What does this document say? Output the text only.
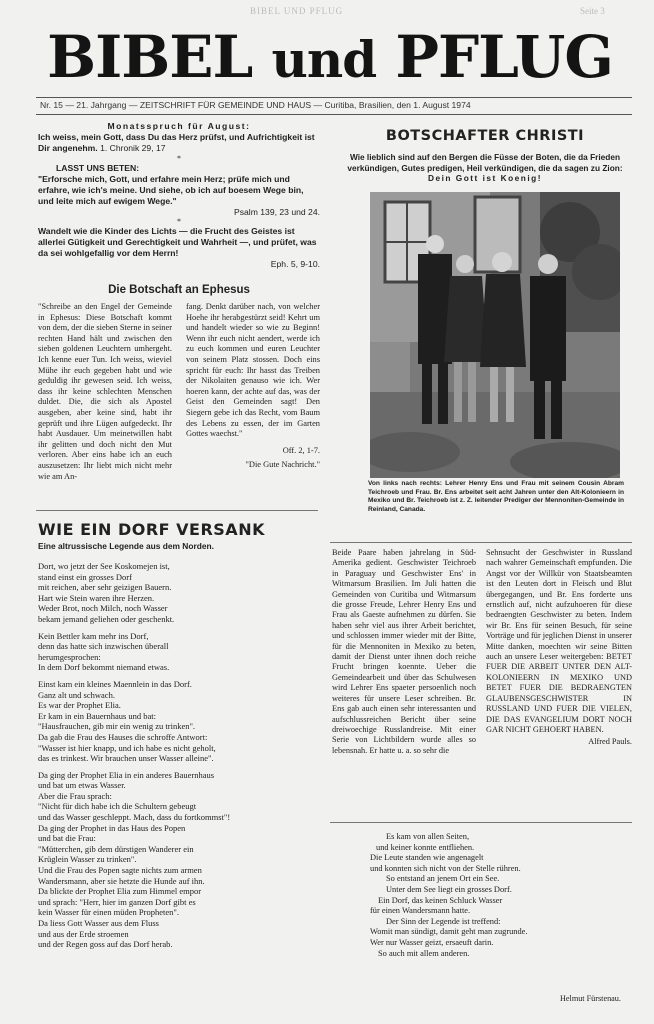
BIBEL UND PFLUG	Seite 3
BIBEL und PFLUG
Nr. 15 — 21. Jahrgang — ZEITSCHRIFT FÜR GEMEINDE UND HAUS — Curitiba, Brasilien, den 1. August 1974
Monatsspruch für August:
Ich weiss, mein Gott, dass Du das Herz prüfst, und Aufrichtigkeit ist Dir angenehm. 1. Chronik 29, 17
*
LASST UNS BETEN:
"Erforsche mich, Gott, und erfahre mein Herz; prüfe mich und erfahre, wie ich's meine. Und siehe, ob ich auf boesem Wege bin, und leite mich auf ewigem Wege."
Psalm 139, 23 und 24.
*
Wandelt wie die Kinder des Lichts — die Frucht des Geistes ist allerlei Gütigkeit und Gerechtigkeit und Wahrheit —, und prüfet, was da sei wohlgefallig vor dem Herrn!
Eph. 5, 9-10.
Die Botschaft an Ephesus
"Schreibe an den Engel der Gemeinde in Ephesus: Diese Botschaft kommt von dem, der die sieben Sterne in seiner rechten Hand hält und zwischen den sieben goldenen Leuchtern umhergeht. Ich kenne euer Tun. Ich weiss, wieviel Mühe ihr euch gegeben habt und wie geduldig ihr gewesen seid. Ich weiss, dass ihr keine schlechten Menschen duldet. Die, die sich als Apostel ausgeben, aber keine sind, habt ihr geprüft und ihre Lügen aufgedeckt. Ihr habt Ausdauer. Um meinetwillen habt ihr gelitten und doch nicht den Mut verloren. Aber eins habe ich an euch auszusetzen: Ihr liebt mich nicht mehr wie am An-
fang. Denkt darüber nach, von welcher Hoehe ihr herabgestürzt seid! Kehrt um und handelt wieder so wie zu Beginn! Wenn ihr euch nicht aendert, werde ich zu euch kommen und euren Leuchter von seinem Platz stossen. Doch eins spricht für euch: Ihr hasst das Treiben der Nikolaiten genauso wie ich. Wer hoeren kann, der achte auf das, was der Geist den Gemeinden sagt! Den Siegern gebe ich das Recht, vom Baum des Lebens zu essen, der im Garten Gottes waechst."
Off. 2, 1-7.
"Die Gute Nachricht."
WIE EIN DORF VERSANK
Eine altrussische Legende aus dem Norden.

Dort, wo jetzt der See Koskomejen ist,
stand einst ein grosses Dorf
mit reichen, aber sehr geizigen Bauern.
Hart wie Stein waren ihre Herzen.
Weder Brot, noch Milch, noch Wasser
bekam jemand geliehen oder geschenkt.

Kein Bettler kam mehr ins Dorf,
denn das hatte sich inzwischen überall
herumgesprochen:
In dem Dorf bekommt niemand etwas.

Einst kam ein kleines Maennlein in das Dorf.
Ganz alt und schwach.
Es war der Prophet Elia.
Er kam in ein Bauernhaus und bat:
"Hausfrauchen, gib mir ein wenig zu trinken".
Da gab die Frau des Hauses die schroffe Antwort:
"Wasser ist hier knapp, und ich habe es nicht geholt,
das es trinkest. Wir brauchen unser Wasser alleine".

Da ging der Prophet Elia in ein anderes Bauernhaus
und bat um etwas Wasser.
Aber die Frau sprach:
"Nicht für dich habe ich die Schultern gebeugt
und das Wasser geschleppt. Mach, dass du fortkommst"!
Da ging der Prophet in das Haus des Popen
und bat die Frau:
"Mütterchen, gib dem dürstigen Wanderer ein
Krüglein Wasser zu trinken".
Und die Frau des Popen sagte nichts zum armen
Wandersmann, aber sie hetzte die Hunde auf ihn.
Da blickte der Prophet Elia zum Himmel empor
und sprach: "Herr, hier im ganzen Dorf gibt es
kein Wasser für einen müden Propheten".
Da liess Gott Wasser aus dem Fluss
und aus der Erde stroemen
und der Regen goss auf das Dorf herab.

BOTSCHAFTER CHRISTI
Wie lieblich sind auf den Bergen die Füsse der Boten, die da Frieden verkündigen, Gutes predigen, Heil verkündigen, die da sagen zu Zion: Dein Gott ist Koenig!
Von links nach rechts: Lehrer Henry Ens und Frau mit seinem Cousin Abram Teichroeb und Frau. Br. Ens arbeitet seit acht Jahren unter den Alt-Kolonieern in Mexiko und Br. Teichroeb ist z. Z. leitender Prediger der Mennoniten-Gemeinde in Reinland, Canada.
Beide Paare haben jahrelang in Süd-Amerika gedient. Geschwister Teichroeb in Paraguay und Geschwister Ens' in Witmarsum Brasilien. Im Juli hatten die Gemeinden von Curitiba und Witmarsum die grosse Freude, Lehrer Henry Ens und Frau als Gaeste aufnehmen zu dürfen. Sie haben sehr viel aus ihrer Arbeit berichtet, und schlossen immer wieder mit der Bitte, für die Mennoniten in Mexiko zu beten, damit der Dienst unter ihnen doch reiche Frucht bringen koennte. Ueber die Gemeindearbeit und über das Schulwesen wird Lehrer Ens spaeter persoenlich noch weiteres für unsere Leser schreiben. Br. Ens gab auch einen sehr interessanten und aufschlussreichen Bericht über seine dreiwoechige Russlandreise. Mit einer Serie von Lichtbildern wurde alles so lebensnah. Er hatte u. a. so sehr die
Sehnsucht der Geschwister in Russland nach wahrer Gemeinschaft empfunden. Die Angst vor der Willkür von Staatsbeamten ist den Leuten dort in Fleisch und Blut übergegangen, und Br. Ens forderte uns ernstlich auf, nicht aufzuhoeren für diese bedraengten Geschwister zu beten. Indem wir Br. Ens für seinen Besuch, für seine Vorträge und für jeglichen Dienst in unserer Mitte danken, moechten wir seine Bitten auch an unsere Leser weitergeben: BETET FUER DIE ARBEIT UNTER DEN ALT-KOLONIEERN IN MEXIKO UND BETET FUER DIE BEDRAENGTEN GLAUBENSGESCHWISTER IN RUSSLAND UND FUER DIE VIELEN, DIE DAS EVANGELIUM DORT NOCH GAR NICHT GEHOERT HABEN.
Alfred Pauls.
Es kam von allen Seiten,
und keiner konnte entfliehen.
Die Leute standen wie angenagelt
und konnten sich nicht von der Stelle rühren.
So entstand an jenem Ort ein See.
Unter dem See liegt ein grosses Dorf.
Ein Dorf, das keinen Schluck Wasser
für einen Wandersmann hatte.
Der Sinn der Legende ist treffend:
Womit man sündigt, damit geht man zugrunde.
Wer nur Wasser geizt, ersaeuft darin.
So auch mit allem anderen.
Helmut Fürstenau.
